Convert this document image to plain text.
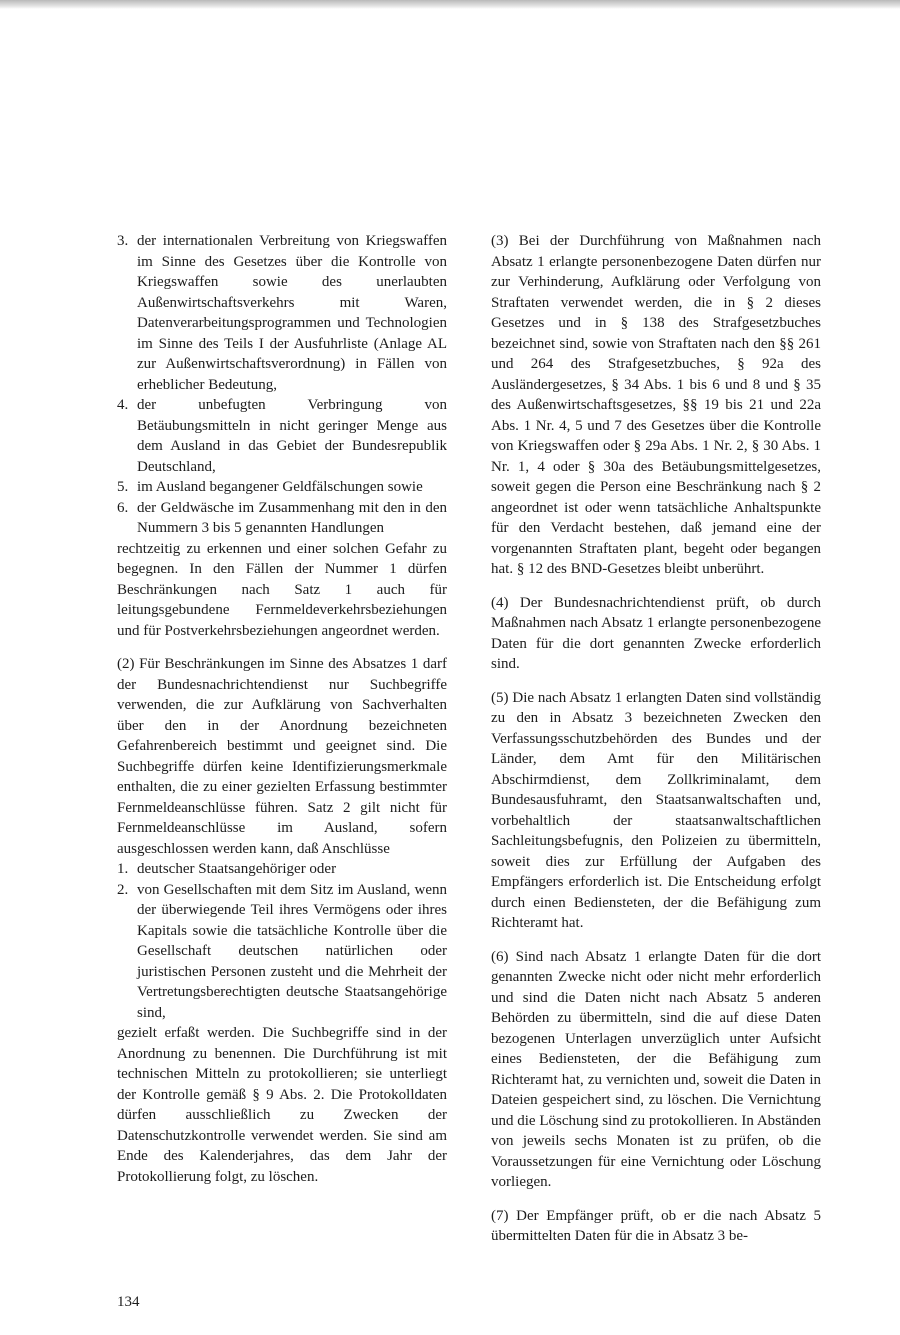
3. der internationalen Verbreitung von Kriegswaffen im Sinne des Gesetzes über die Kontrolle von Kriegswaffen sowie des unerlaubten Außenwirtschaftsverkehrs mit Waren, Datenverarbeitungsprogrammen und Technologien im Sinne des Teils I der Ausfuhrliste (Anlage AL zur Außenwirtschaftsverordnung) in Fällen von erheblicher Bedeutung,
4. der unbefugten Verbringung von Betäubungsmitteln in nicht geringer Menge aus dem Ausland in das Gebiet der Bundesrepublik Deutschland,
5. im Ausland begangener Geldfälschungen sowie
6. der Geldwäsche im Zusammenhang mit den in den Nummern 3 bis 5 genannten Handlungen

rechtzeitig zu erkennen und einer solchen Gefahr zu begegnen. In den Fällen der Nummer 1 dürfen Beschränkungen nach Satz 1 auch für leitungsgebundene Fernmeldeverkehrsbeziehungen und für Postverkehrsbeziehungen angeordnet werden.

(2) Für Beschränkungen im Sinne des Absatzes 1 darf der Bundesnachrichtendienst nur Suchbegriffe verwenden, die zur Aufklärung von Sachverhalten über den in der Anordnung bezeichneten Gefahrenbereich bestimmt und geeignet sind. Die Suchbegriffe dürfen keine Identifizierungsmerkmale enthalten, die zu einer gezielten Erfassung bestimmter Fernmeldeanschlüsse führen. Satz 2 gilt nicht für Fernmeldeanschlüsse im Ausland, sofern ausgeschlossen werden kann, daß Anschlüsse

1. deutscher Staatsangehöriger oder
2. von Gesellschaften mit dem Sitz im Ausland, wenn der überwiegende Teil ihres Vermögens oder ihres Kapitals sowie die tatsächliche Kontrolle über die Gesellschaft deutschen natürlichen oder juristischen Personen zusteht und die Mehrheit der Vertretungsberechtigten deutsche Staatsangehörige sind,

gezielt erfaßt werden. Die Suchbegriffe sind in der Anordnung zu benennen. Die Durchführung ist mit technischen Mitteln zu protokollieren; sie unterliegt der Kontrolle gemäß § 9 Abs. 2. Die Protokolldaten dürfen ausschließlich zu Zwecken der Datenschutzkontrolle verwendet werden. Sie sind am Ende des Kalenderjahres, das dem Jahr der Protokollierung folgt, zu löschen.

(3) Bei der Durchführung von Maßnahmen nach Absatz 1 erlangte personenbezogene Daten dürfen nur zur Verhinderung, Aufklärung oder Verfolgung von Straftaten verwendet werden, die in § 2 dieses Gesetzes und in § 138 des Strafgesetzbuches bezeichnet sind, sowie von Straftaten nach den §§ 261 und 264 des Strafgesetzbuches, § 92a des Ausländergesetzes, § 34 Abs. 1 bis 6 und 8 und § 35 des Außenwirtschaftsgesetzes, §§ 19 bis 21 und 22a Abs. 1 Nr. 4, 5 und 7 des Gesetzes über die Kontrolle von Kriegswaffen oder § 29a Abs. 1 Nr. 2, § 30 Abs. 1 Nr. 1, 4 oder § 30a des Betäubungsmittelgesetzes, soweit gegen die Person eine Beschränkung nach § 2 angeordnet ist oder wenn tatsächliche Anhaltspunkte für den Verdacht bestehen, daß jemand eine der vorgenannten Straftaten plant, begeht oder begangen hat. § 12 des BND-Gesetzes bleibt unberührt.

(4) Der Bundesnachrichtendienst prüft, ob durch Maßnahmen nach Absatz 1 erlangte personenbezogene Daten für die dort genannten Zwecke erforderlich sind.

(5) Die nach Absatz 1 erlangten Daten sind vollständig zu den in Absatz 3 bezeichneten Zwecken den Verfassungsschutzbehörden des Bundes und der Länder, dem Amt für den Militärischen Abschirmdienst, dem Zollkriminalamt, dem Bundesausfuhramt, den Staatsanwaltschaften und, vorbehaltlich der staatsanwaltschaftlichen Sachleitungsbefugnis, den Polizeien zu übermitteln, soweit dies zur Erfüllung der Aufgaben des Empfängers erforderlich ist. Die Entscheidung erfolgt durch einen Bediensteten, der die Befähigung zum Richteramt hat.

(6) Sind nach Absatz 1 erlangte Daten für die dort genannten Zwecke nicht oder nicht mehr erforderlich und sind die Daten nicht nach Absatz 5 anderen Behörden zu übermitteln, sind die auf diese Daten bezogenen Unterlagen unverzüglich unter Aufsicht eines Bediensteten, der die Befähigung zum Richteramt hat, zu vernichten und, soweit die Daten in Dateien gespeichert sind, zu löschen. Die Vernichtung und die Löschung sind zu protokollieren. In Abständen von jeweils sechs Monaten ist zu prüfen, ob die Voraussetzungen für eine Vernichtung oder Löschung vorliegen.

(7) Der Empfänger prüft, ob er die nach Absatz 5 übermittelten Daten für die in Absatz 3 be-

134
